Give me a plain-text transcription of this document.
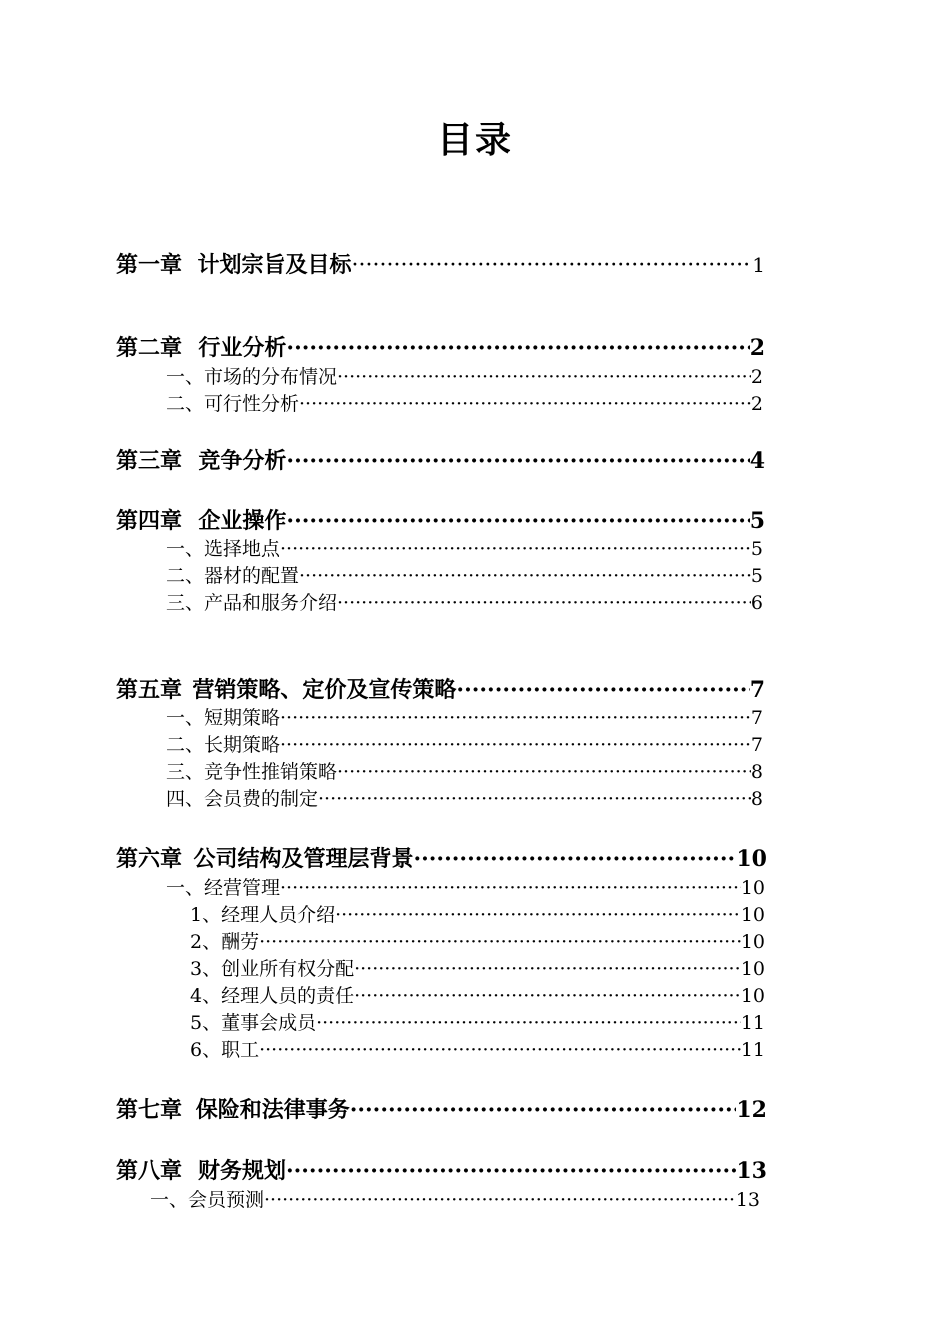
目录
第一章 计划宗旨及目标 ·····	1
第二章 行业分析 ·····	2
一、市场的分布情况 ·····	2
二、可行性分析 ·····	2
第三章 竞争分析 ·····	4
第四章 企业操作 ·····	5
一、选择地点 ·····	5
二、器材的配置 ·····	5
三、产品和服务介绍 ·····	6
第五章 营销策略、定价及宣传策略 ·····	7
一、短期策略 ·····	7
二、长期策略 ·····	7
三、竞争性推销策略 ·····	8
四、会员费的制定 ·····	8
第六章 公司结构及管理层背景 ·····	10
一、经营管理 ·····	10
1、经理人员介绍 ·····	10
2、酬劳 ·····	10
3、创业所有权分配 ·····	10
4、经理人员的责任 ·····	10
5、董事会成员 ·····	11
6、职工 ·····	11
第七章 保险和法律事务 ·····	12
第八章 财务规划 ·····	13
一、会员预测 ·····	13
